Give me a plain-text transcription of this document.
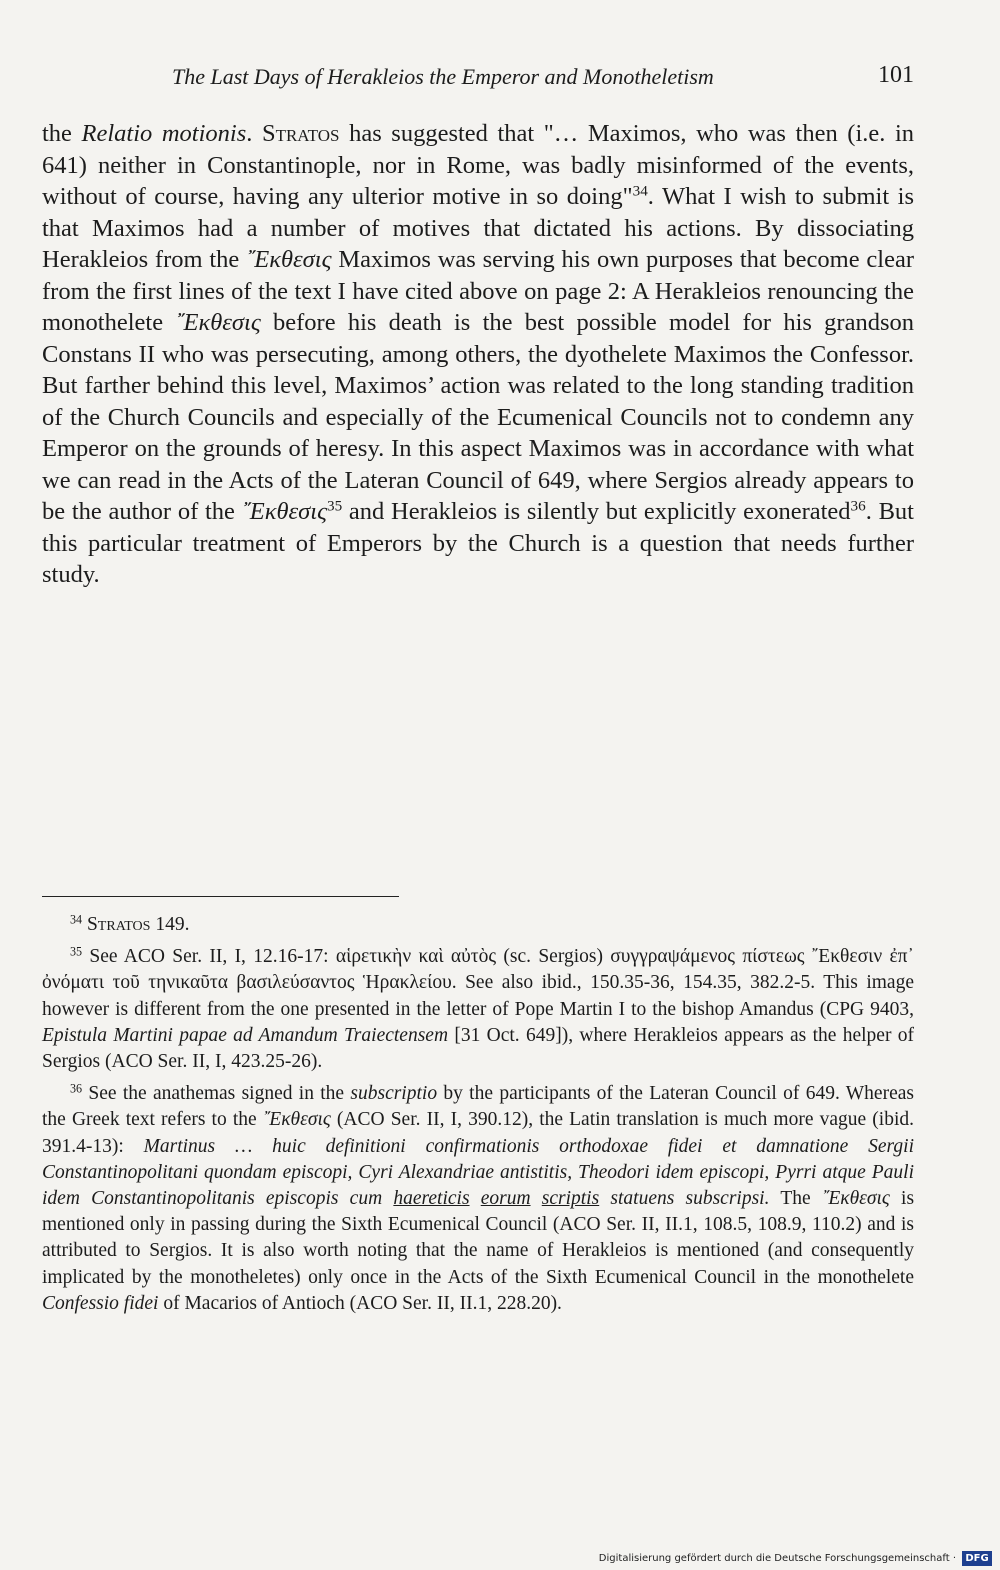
The Last Days of Herakleios the Emperor and Monotheletism	101

the Relatio motionis. Stratos has suggested that "… Maximos, who was then (i.e. in 641) neither in Constantinople, nor in Rome, was badly misinformed of the events, without of course, having any ulterior motive in so doing"$^{34}$. What I wish to submit is that Maximos had a number of motives that dictated his actions. By dissociating Herakleios from the ῎Εκθεσις Maximos was serving his own purposes that become clear from the first lines of the text I have cited above on page 2: A Herakleios renouncing the monothelete ῎Εκθεσις before his death is the best possible model for his grandson Constans II who was persecuting, among others, the dyothelete Maximos the Confessor. But farther behind this level, Maximos’ action was related to the long standing tradition of the Church Councils and especially of the Ecumenical Councils not to condemn any Emperor on the grounds of heresy. In this aspect Maximos was in accordance with what we can read in the Acts of the Lateran Council of 649, where Sergios already appears to be the author of the ῎Εκθεσις$^{35}$ and Herakleios is silently but explicitly exonerated$^{36}$. But this particular treatment of Emperors by the Church is a question that needs further study.

$^{34}$ Stratos 149.

$^{35}$ See ACO Ser. II, I, 12.16-17: αἱρετικὴν καὶ αὐτὸς (sc. Sergios) συγγραψάμενος πίστεως ῎Εκθεσιν ἐπ᾽ ὀνόματι τοῦ τηνικαῦτα βασιλεύσαντος Ἡρακλείου. See also ibid., 150.35-36, 154.35, 382.2-5. This image however is different from the one presented in the letter of Pope Martin I to the bishop Amandus (CPG 9403, Epistula Martini papae ad Amandum Traiectensem [31 Oct. 649]), where Herakleios appears as the helper of Sergios (ACO Ser. II, I, 423.25-26).

$^{36}$ See the anathemas signed in the subscriptio by the participants of the Lateran Council of 649. Whereas the Greek text refers to the ῎Εκθεσις (ACO Ser. II, I, 390.12), the Latin translation is much more vague (ibid. 391.4-13): Martinus … huic definitioni confirmationis orthodoxae fidei et damnatione Sergii Constantinopolitani quondam episcopi, Cyri Alexandriae antistitis, Theodori idem episcopi, Pyrri atque Pauli idem Constantinopolitanis episcopis cum haereticis eorum scriptis statuens subscripsi. The ῎Εκθεσις is mentioned only in passing during the Sixth Ecumenical Council (ACO Ser. II, II.1, 108.5, 108.9, 110.2) and is attributed to Sergios. It is also worth noting that the name of Herakleios is mentioned (and consequently implicated by the monotheletes) only once in the Acts of the Sixth Ecumenical Council in the monothelete Confessio fidei of Macarios of Antioch (ACO Ser. II, II.1, 228.20).

Digitalisierung gefördert durch die Deutsche Forschungsgemeinschaft · DFG
